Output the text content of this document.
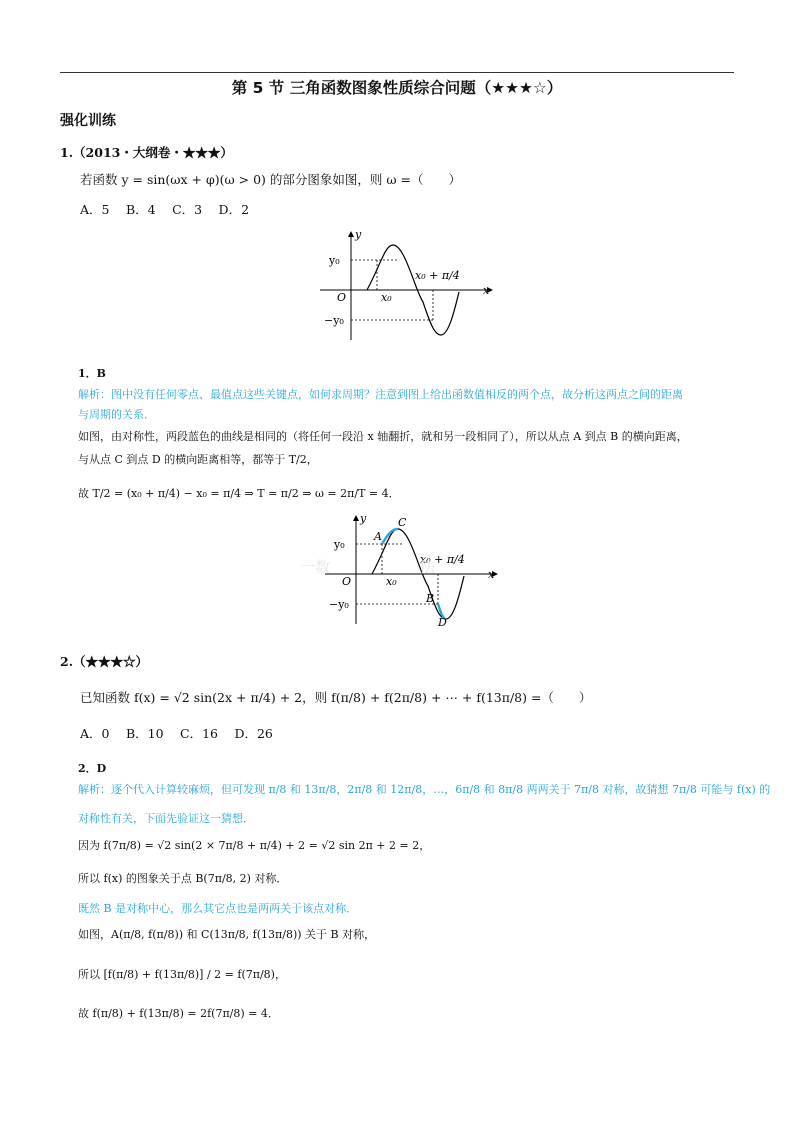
第 5 节 三角函数图象性质综合问题（★★★☆）
强化训练
1.（2013・大纲卷・★★★）
若函数 y = sin(ωx + φ)(ω > 0) 的部分图象如图，则 ω =（　　）
A．5　 B．4　 C．3　 D．2
y₀
−y₀
O	x₀
x₀ + π/4
x
y
1．B
解析：图中没有任何零点、最值点这些关键点，如何求周期？注意到图上给出函数值相反的两个点，故分析这两点之间的距离
与周期的关系．
如图，由对称性，两段蓝色的曲线是相同的（将任何一段沿 x 轴翻折，就和另一段相同了），所以从点 A 到点 B 的横向距离，
与从点 C 到点 D 的横向距离相等，都等于 T/2，
故 T/2 = (x₀ + π/4) − x₀ = π/4 ⇒ T = π/2 ⇒ ω = 2π/T = 4．
y₀
−y₀
O	x₀
x₀ + π/4
x
y
A
C
B
D
一数　　　　　　法
2.（★★★☆）
已知函数 f(x) = √2 sin(2x + π/4) + 2，则 f(π/8) + f(2π/8) + ⋯ + f(13π/8) =（　　）
A．0　 B．10　 C．16　 D．26
2．D
解析：逐个代入计算较麻烦，但可发现 π/8 和 13π/8，2π/8 和 12π/8，…，6π/8 和 8π/8 两两关于 7π/8 对称，故猜想 7π/8 可能与 f(x) 的
对称性有关，下面先验证这一猜想．
因为 f(7π/8) = √2 sin(2 × 7π/8 + π/4) + 2 = √2 sin 2π + 2 = 2，
所以 f(x) 的图象关于点 B(7π/8, 2) 对称．
既然 B 是对称中心，那么其它点也是两两关于该点对称．
如图，A(π/8, f(π/8)) 和 C(13π/8, f(13π/8)) 关于 B 对称，
所以 [f(π/8) + f(13π/8)] / 2 = f(7π/8)，
故 f(π/8) + f(13π/8) = 2f(7π/8) = 4．
